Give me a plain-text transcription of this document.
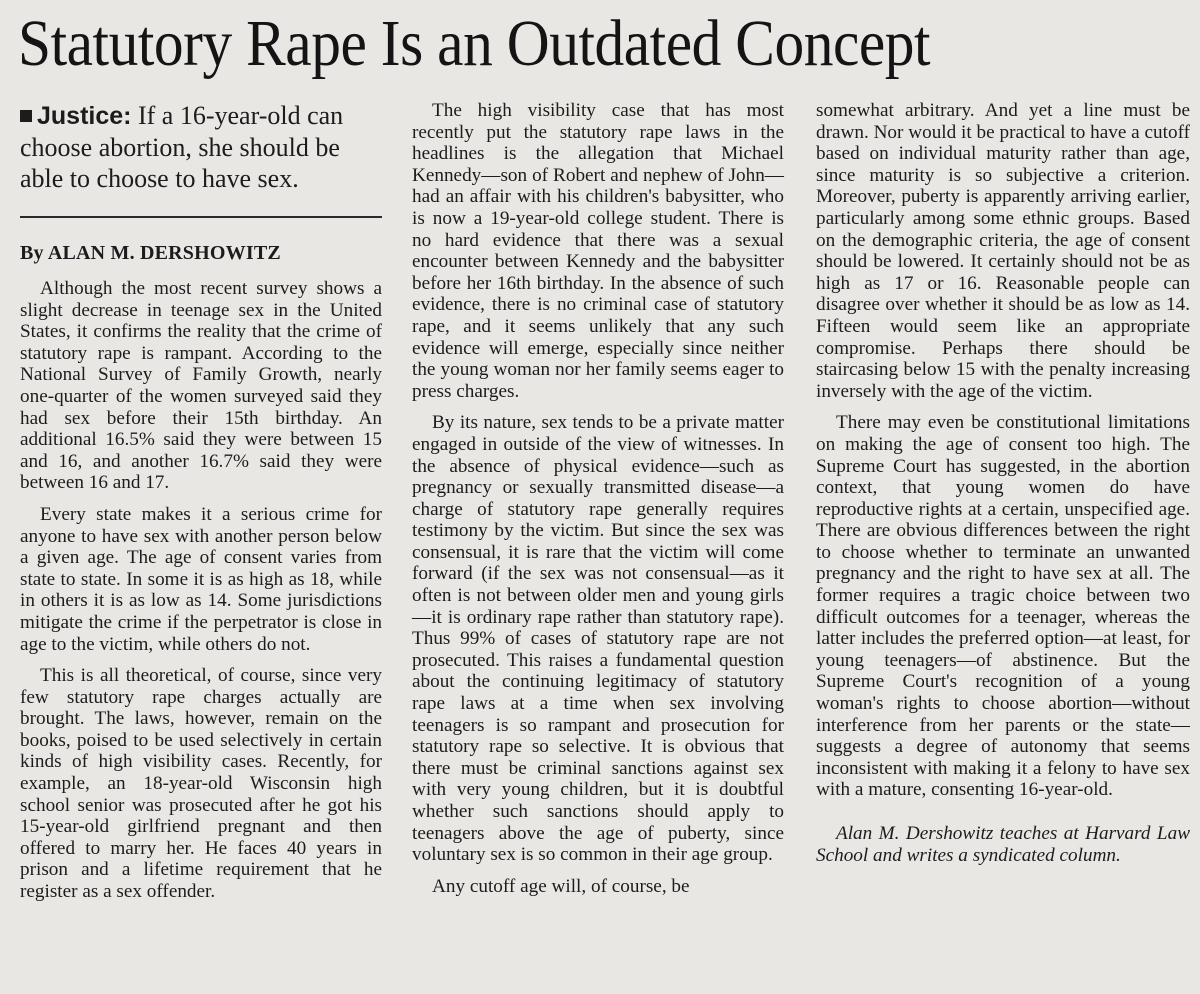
Statutory Rape Is an Outdated Concept
Justice: If a 16-year-old can choose abortion, she should be able to choose to have sex.
By ALAN M. DERSHOWITZ

Although the most recent survey shows a slight decrease in teenage sex in the United States, it confirms the reality that the crime of statutory rape is rampant. According to the National Survey of Family Growth, nearly one-quarter of the women surveyed said they had sex before their 15th birthday. An additional 16.5% said they were between 15 and 16, and another 16.7% said they were between 16 and 17.

Every state makes it a serious crime for anyone to have sex with another person below a given age. The age of consent varies from state to state. In some it is as high as 18, while in others it is as low as 14. Some jurisdictions mitigate the crime if the perpetrator is close in age to the victim, while others do not.

This is all theoretical, of course, since very few statutory rape charges actually are brought. The laws, however, remain on the books, poised to be used selectively in certain kinds of high visibility cases. Recently, for example, an 18-year-old Wisconsin high school senior was prosecuted after he got his 15-year-old girlfriend pregnant and then offered to marry her. He faces 40 years in prison and a lifetime requirement that he register as a sex offender.

The high visibility case that has most recently put the statutory rape laws in the headlines is the allegation that Michael Kennedy—son of Robert and nephew of John—had an affair with his children's babysitter, who is now a 19-year-old college student. There is no hard evidence that there was a sexual encounter between Kennedy and the babysitter before her 16th birthday. In the absence of such evidence, there is no criminal case of statutory rape, and it seems unlikely that any such evidence will emerge, especially since neither the young woman nor her family seems eager to press charges.

By its nature, sex tends to be a private matter engaged in outside of the view of witnesses. In the absence of physical evidence—such as pregnancy or sexually transmitted disease—a charge of statutory rape generally requires testimony by the victim. But since the sex was consensual, it is rare that the victim will come forward (if the sex was not consensual—as it often is not between older men and young girls—it is ordinary rape rather than statutory rape). Thus 99% of cases of statutory rape are not prosecuted. This raises a fundamental question about the continuing legitimacy of statutory rape laws at a time when sex involving teenagers is so rampant and prosecution for statutory rape so selective. It is obvious that there must be criminal sanctions against sex with very young children, but it is doubtful whether such sanctions should apply to teenagers above the age of puberty, since voluntary sex is so common in their age group.

Any cutoff age will, of course, be

somewhat arbitrary. And yet a line must be drawn. Nor would it be practical to have a cutoff based on individual maturity rather than age, since maturity is so subjective a criterion. Moreover, puberty is apparently arriving earlier, particularly among some ethnic groups. Based on the demographic criteria, the age of consent should be lowered. It certainly should not be as high as 17 or 16. Reasonable people can disagree over whether it should be as low as 14. Fifteen would seem like an appropriate compromise. Perhaps there should be staircasing below 15 with the penalty increasing inversely with the age of the victim.

There may even be constitutional limitations on making the age of consent too high. The Supreme Court has suggested, in the abortion context, that young women do have reproductive rights at a certain, unspecified age. There are obvious differences between the right to choose whether to terminate an unwanted pregnancy and the right to have sex at all. The former requires a tragic choice between two difficult outcomes for a teenager, whereas the latter includes the preferred option—at least, for young teenagers—of abstinence. But the Supreme Court's recognition of a young woman's rights to choose abortion—without interference from her parents or the state—suggests a degree of autonomy that seems inconsistent with making it a felony to have sex with a mature, consenting 16-year-old.

Alan M. Dershowitz teaches at Harvard Law School and writes a syndicated column.
